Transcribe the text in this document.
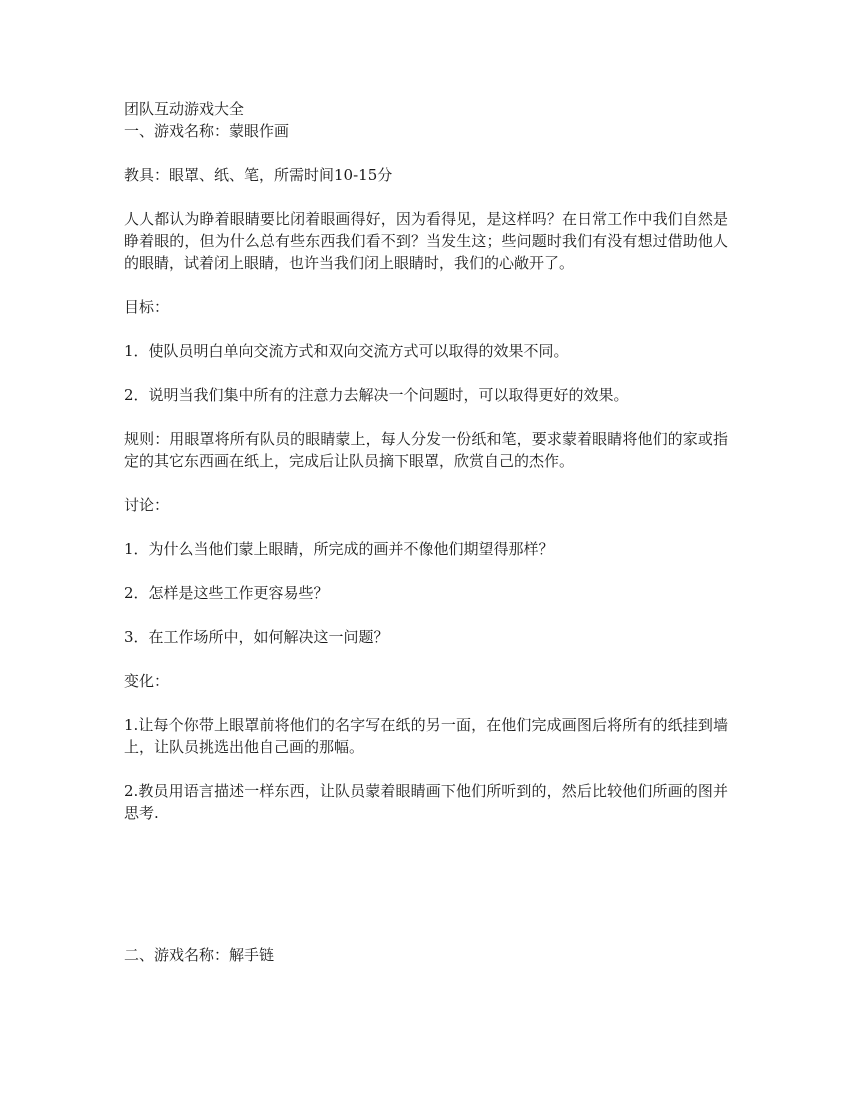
团队互动游戏大全

一、游戏名称：蒙眼作画

教具：眼罩、纸、笔，所需时间10-15分

人人都认为睁着眼睛要比闭着眼画得好，因为看得见，是这样吗？在日常工作中我们自然是睁着眼的，但为什么总有些东西我们看不到？当发生这；些问题时我们有没有想过借助他人的眼睛，试着闭上眼睛，也许当我们闭上眼睛时，我们的心敞开了。

目标：

1．使队员明白单向交流方式和双向交流方式可以取得的效果不同。

2．说明当我们集中所有的注意力去解决一个问题时，可以取得更好的效果。

规则：用眼罩将所有队员的眼睛蒙上，每人分发一份纸和笔，要求蒙着眼睛将他们的家或指定的其它东西画在纸上，完成后让队员摘下眼罩，欣赏自己的杰作。

讨论：

1．为什么当他们蒙上眼睛，所完成的画并不像他们期望得那样？

2．怎样是这些工作更容易些？

3．在工作场所中，如何解决这一问题？

变化：

1.让每个你带上眼罩前将他们的名字写在纸的另一面，在他们完成画图后将所有的纸挂到墙上，让队员挑选出他自己画的那幅。

2.教员用语言描述一样东西，让队员蒙着眼睛画下他们所听到的，然后比较他们所画的图并思考.

二、游戏名称：解手链
